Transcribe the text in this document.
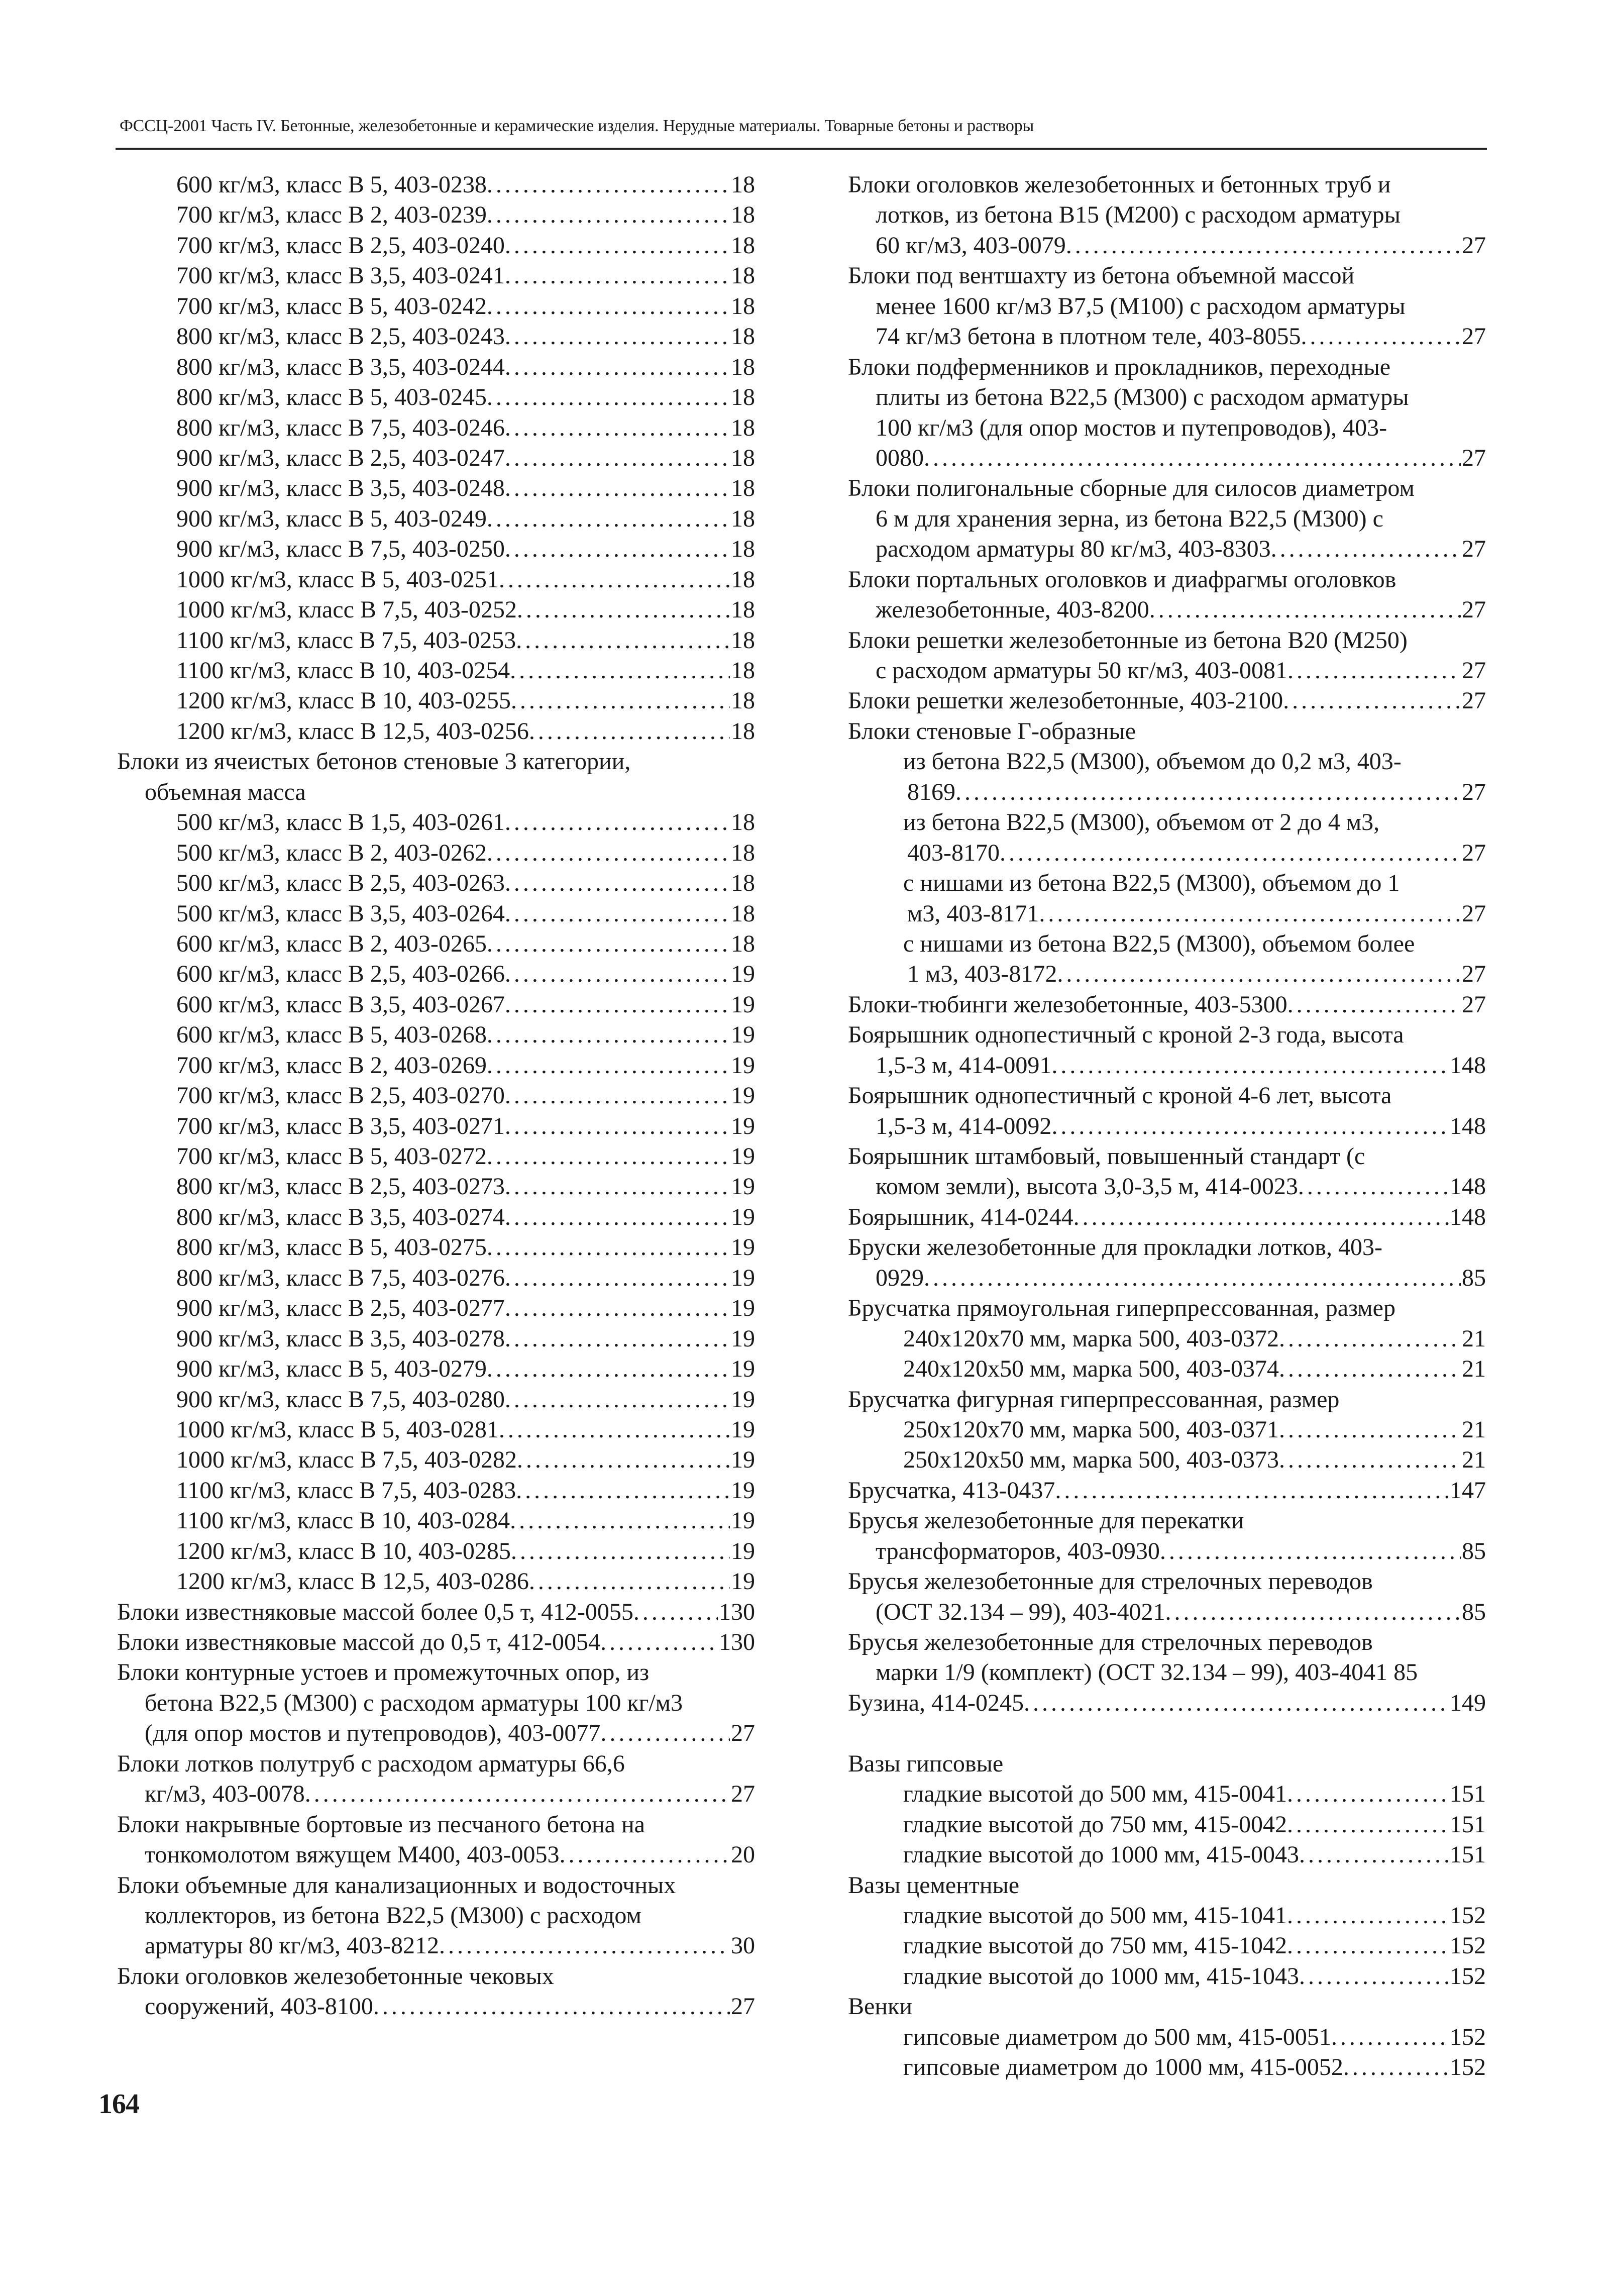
ФССЦ-2001 Часть IV. Бетонные, железобетонные и керамические изделия. Нерудные материалы. Товарные бетоны и растворы
600 кг/м3, класс В 5, 403-0238 . . .	18
700 кг/м3, класс В 2, 403-0239 . . .	18
700 кг/м3, класс В 2,5, 403-0240 . . .	18
700 кг/м3, класс В 3,5, 403-0241 . . .	18
700 кг/м3, класс В 5, 403-0242 . . .	18
800 кг/м3, класс В 2,5, 403-0243 . . .	18
800 кг/м3, класс В 3,5, 403-0244 . . .	18
800 кг/м3, класс В 5, 403-0245 . . .	18
800 кг/м3, класс В 7,5, 403-0246 . . .	18
900 кг/м3, класс В 2,5, 403-0247 . . .	18
900 кг/м3, класс В 3,5, 403-0248 . . .	18
900 кг/м3, класс В 5, 403-0249 . . .	18
900 кг/м3, класс В 7,5, 403-0250 . . .	18
1000 кг/м3, класс В 5, 403-0251 . . .	18
1000 кг/м3, класс В 7,5, 403-0252 . . .	18
1100 кг/м3, класс В 7,5, 403-0253 . . .	18
1100 кг/м3, класс В 10, 403-0254 . . .	18
1200 кг/м3, класс В 10, 403-0255 . . .	18
1200 кг/м3, класс В 12,5, 403-0256 . . .	18
Блоки из ячеистых бетонов стеновые 3 категории,
объемная масса
500 кг/м3, класс В 1,5, 403-0261 . . .	18
500 кг/м3, класс В 2, 403-0262 . . .	18
500 кг/м3, класс В 2,5, 403-0263 . . .	18
500 кг/м3, класс В 3,5, 403-0264 . . .	18
600 кг/м3, класс В 2, 403-0265 . . .	18
600 кг/м3, класс В 2,5, 403-0266 . . .	19
600 кг/м3, класс В 3,5, 403-0267 . . .	19
600 кг/м3, класс В 5, 403-0268 . . .	19
700 кг/м3, класс В 2, 403-0269 . . .	19
700 кг/м3, класс В 2,5, 403-0270 . . .	19
700 кг/м3, класс В 3,5, 403-0271 . . .	19
700 кг/м3, класс В 5, 403-0272 . . .	19
800 кг/м3, класс В 2,5, 403-0273 . . .	19
800 кг/м3, класс В 3,5, 403-0274 . . .	19
800 кг/м3, класс В 5, 403-0275 . . .	19
800 кг/м3, класс В 7,5, 403-0276 . . .	19
900 кг/м3, класс В 2,5, 403-0277 . . .	19
900 кг/м3, класс В 3,5, 403-0278 . . .	19
900 кг/м3, класс В 5, 403-0279 . . .	19
900 кг/м3, класс В 7,5, 403-0280 . . .	19
1000 кг/м3, класс В 5, 403-0281 . . .	19
1000 кг/м3, класс В 7,5, 403-0282 . . .	19
1100 кг/м3, класс В 7,5, 403-0283 . . .	19
1100 кг/м3, класс В 10, 403-0284 . . .	19
1200 кг/м3, класс В 10, 403-0285 . . .	19
1200 кг/м3, класс В 12,5, 403-0286 . . .	19
Блоки известняковые массой более 0,5 т, 412-0055 . . .	130
Блоки известняковые массой до 0,5 т, 412-0054 . . .	130
Блоки контурные устоев и промежуточных опор, из
бетона В22,5 (М300) с расходом арматуры 100 кг/м3
(для опор мостов и путепроводов), 403-0077 . . .	27
Блоки лотков полутруб с расходом арматуры 66,6
кг/м3, 403-0078 . . .	27
Блоки накрывные бортовые из песчаного бетона на
тонкомолотом вяжущем М400, 403-0053 . . .	20
Блоки объемные для канализационных и водосточных
коллекторов, из бетона В22,5 (М300) с расходом
арматуры 80 кг/м3, 403-8212 . . .	30
Блоки оголовков железобетонные чековых
сооружений, 403-8100 . . .	27
Блоки оголовков железобетонных и бетонных труб и
лотков, из бетона В15 (М200) с расходом арматуры
60 кг/м3, 403-0079 . . .	27
Блоки под вентшахту из бетона объемной массой
менее 1600 кг/м3 В7,5 (М100) с расходом арматуры
74 кг/м3 бетона в плотном теле, 403-8055 . . .	27
Блоки подферменников и прокладников, переходные
плиты из бетона В22,5 (М300) с расходом арматуры
100 кг/м3 (для опор мостов и путепроводов), 403-
0080 . . .	27
Блоки полигональные сборные для силосов диаметром
6 м для хранения зерна, из бетона В22,5 (М300) с
расходом арматуры 80 кг/м3, 403-8303 . . .	27
Блоки портальных оголовков и диафрагмы оголовков
железобетонные, 403-8200 . . .	27
Блоки решетки железобетонные из бетона В20 (М250)
с расходом арматуры 50 кг/м3, 403-0081 . . .	27
Блоки решетки железобетонные, 403-2100 . . .	27
Блоки стеновые Г-образные
из бетона В22,5 (М300), объемом до 0,2 м3, 403-
8169 . . .	27
из бетона В22,5 (М300), объемом от 2 до 4 м3,
403-8170 . . .	27
с нишами из бетона В22,5 (М300), объемом до 1
м3, 403-8171 . . .	27
с нишами из бетона В22,5 (М300), объемом более
1 м3, 403-8172 . . .	27
Блоки-тюбинги железобетонные, 403-5300 . . .	27
Боярышник однопестичный с кроной 2-3 года, высота
1,5-3 м, 414-0091 . . .	148
Боярышник однопестичный с кроной 4-6 лет, высота
1,5-3 м, 414-0092 . . .	148
Боярышник штамбовый, повышенный стандарт (с
комом земли), высота 3,0-3,5 м, 414-0023 . . .	148
Боярышник, 414-0244 . . .	148
Бруски железобетонные для прокладки лотков, 403-
0929 . . .	85
Брусчатка прямоугольная гиперпрессованная, размер
240х120х70 мм, марка 500, 403-0372 . . .	21
240х120х50 мм, марка 500, 403-0374 . . .	21
Брусчатка фигурная гиперпрессованная, размер
250х120х70 мм, марка 500, 403-0371 . . .	21
250х120х50 мм, марка 500, 403-0373 . . .	21
Брусчатка, 413-0437 . . .	147
Брусья железобетонные для перекатки
трансформаторов, 403-0930 . . .	85
Брусья железобетонные для стрелочных переводов
(ОСТ 32.134 – 99), 403-4021 . . .	85
Брусья железобетонные для стрелочных переводов
марки 1/9 (комплект) (ОСТ 32.134 – 99), 403-4041 85
Бузина, 414-0245 . . .	149
Вазы гипсовые
гладкие высотой до 500 мм, 415-0041 . . .	151
гладкие высотой до 750 мм, 415-0042 . . .	151
гладкие высотой до 1000 мм, 415-0043 . . .	151
Вазы цементные
гладкие высотой до 500 мм, 415-1041 . . .	152
гладкие высотой до 750 мм, 415-1042 . . .	152
гладкие высотой до 1000 мм, 415-1043 . . .	152
Венки
гипсовые диаметром до 500 мм, 415-0051 . . .	152
гипсовые диаметром до 1000 мм, 415-0052 . . .	152
164
